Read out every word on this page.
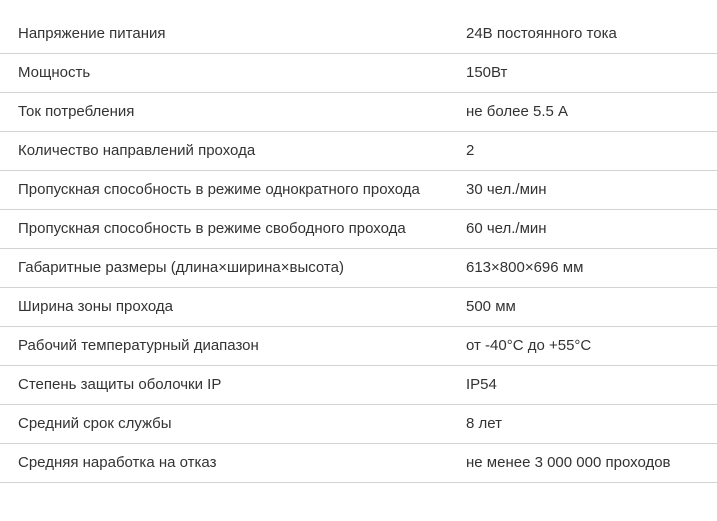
Напряжение питания	24В постоянного тока
Мощность	150Вт
Ток потребления	не более 5.5 А
Количество направлений прохода	2
Пропускная способность в режиме однократного прохода	30 чел./мин
Пропускная способность в режиме свободного прохода	60 чел./мин
Габаритные размеры (длина×ширина×высота)	613×800×696 мм
Ширина зоны прохода	500 мм
Рабочий температурный диапазон	от -40°C до +55°C
Степень защиты оболочки IP	IP54
Средний срок службы	8 лет
Средняя наработка на отказ	не менее 3 000 000 проходов
